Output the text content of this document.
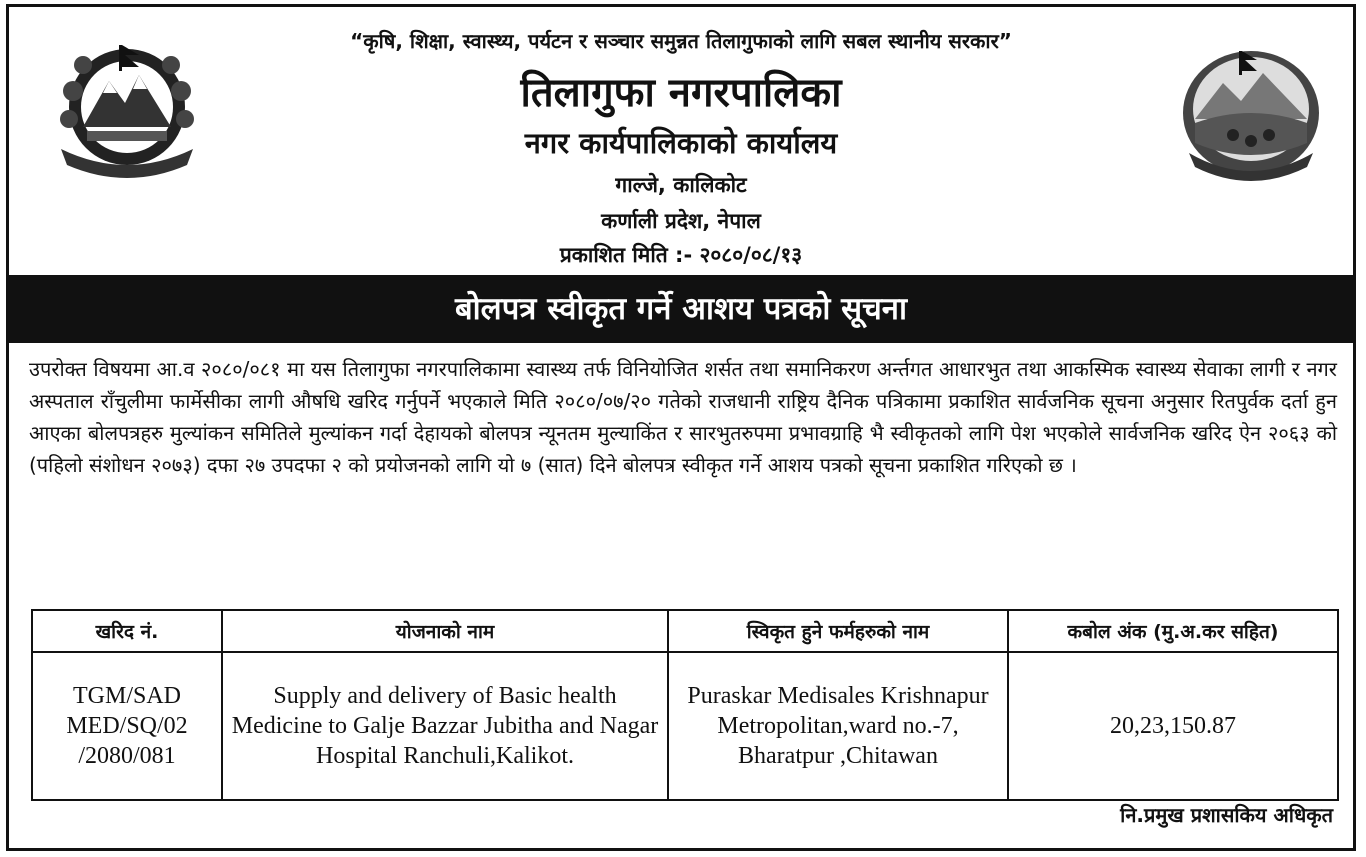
“कृषि, शिक्षा, स्वास्थ्य, पर्यटन र सञ्चार समुन्नत तिलागुफाको लागि सबल स्थानीय सरकार”
तिलागुफा नगरपालिका
नगर कार्यपालिकाको कार्यालय
गाल्जे, कालिकोट
कर्णाली प्रदेश, नेपाल
प्रकाशित मिति :- २०८०/०८/१३
बोलपत्र स्वीकृत गर्ने आशय पत्रको सूचना
उपरोक्त विषयमा आ.व २०८०/०८१ मा यस तिलागुफा नगरपालिकामा स्वास्थ्य तर्फ विनियोजित शर्सत तथा समानिकरण अर्न्तगत आधारभुत तथा आकस्मिक स्वास्थ्य सेवाका लागी र नगर अस्पताल राँचुलीमा फार्मेसीका लागी औषधि खरिद गर्नुपर्ने भएकाले मिति २०८०/०७/२० गतेको राजधानी राष्ट्रिय दैनिक पत्रिकामा प्रकाशित सार्वजनिक सूचना अनुसार रितपुर्वक दर्ता हुन आएका बोलपत्रहरु मुल्यांकन समितिले मुल्यांकन गर्दा देहायको बोलपत्र न्यूनतम मुल्याकिंत र सारभुतरुपमा प्रभावग्राहि भै स्वीकृतको लागि पेश भएकोले सार्वजनिक खरिद ऐन २०६३ को (पहिलो संशोधन २०७३) दफा २७ उपदफा २ को प्रयोजनको लागि यो ७ (सात) दिने बोलपत्र स्वीकृत गर्ने आशय पत्रको सूचना प्रकाशित गरिएको छ ।
खरिद नं.	योजनाको नाम	स्विकृत हुने फर्महरुको नाम	कबोल अंक (मु.अ.कर सहित)
TGM/SAD MED/SQ/02 /2080/081	Supply and delivery of Basic health Medicine to Galje Bazzar Jubitha and Nagar Hospital Ranchuli,Kalikot.	Puraskar Medisales Krishnapur Metropolitan,ward no.-7, Bharatpur ,Chitawan	20,23,150.87
नि.प्रमुख प्रशासकिय अधिकृत
